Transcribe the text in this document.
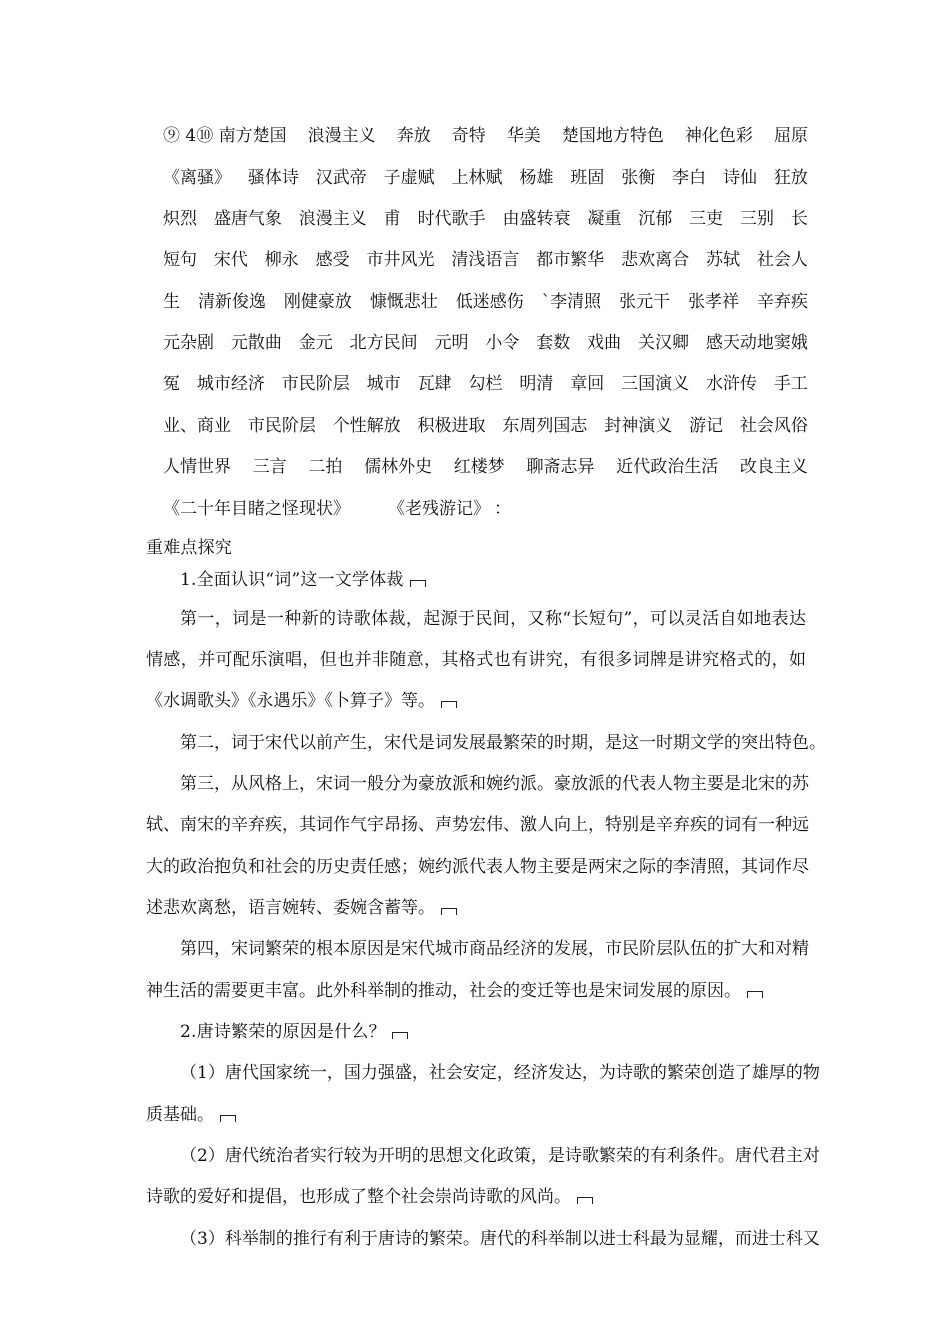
⑨ 4⑩ 南方楚国 浪漫主义 奔放 奇特 华美 楚国地方特色 神化色彩 屈原
《离骚》 骚体诗 汉武帝 子虚赋 上林赋 杨雄 班固 张衡 李白 诗仙 狂放
炽烈 盛唐气象 浪漫主义 甫 时代歌手 由盛转衰 凝重 沉郁 三吏 三别 长
短句 宋代 柳永 感受 市井风光 清浅语言 都市繁华 悲欢离合 苏轼 社会人
生 清新俊逸 刚健豪放 慷慨悲壮 低迷感伤 `李清照 张元干 张孝祥 辛弃疾
元杂剧 元散曲 金元 北方民间 元明 小令 套数 戏曲 关汉卿 感天动地窦娥
冤 城市经济 市民阶层 城市 瓦肆 勾栏 明清 章回 三国演义 水浒传 手工
业、商业 市民阶层 个性解放 积极进取 东周列国志 封神演义 游记 社会风俗
人情世界 三言 二拍 儒林外史 红楼梦 聊斋志异 近代政治生活 改良主义
《二十年目睹之怪现状》 《老残游记》 ：
重难点探究
1.全面认识“词”这一文学体裁
第一，词是一种新的诗歌体裁，起源于民间，又称“长短句”，可以灵活自如地表达
情感，并可配乐演唱，但也并非随意，其格式也有讲究，有很多词牌是讲究格式的，如
《水调歌头》《永遇乐》《卜算子》等。
第二，词于宋代以前产生，宋代是词发展最繁荣的时期，是这一时期文学的突出特色。
第三，从风格上，宋词一般分为豪放派和婉约派。豪放派的代表人物主要是北宋的苏
轼、南宋的辛弃疾，其词作气宇昂扬、声势宏伟、激人向上，特别是辛弃疾的词有一种远
大的政治抱负和社会的历史责任感；婉约派代表人物主要是两宋之际的李清照，其词作尽
述悲欢离愁，语言婉转、委婉含蓄等。
第四，宋词繁荣的根本原因是宋代城市商品经济的发展，市民阶层队伍的扩大和对精
神生活的需要更丰富。此外科举制的推动，社会的变迁等也是宋词发展的原因。
2.唐诗繁荣的原因是什么？
（1）唐代国家统一，国力强盛，社会安定，经济发达，为诗歌的繁荣创造了雄厚的物
质基础。
（2）唐代统治者实行较为开明的思想文化政策，是诗歌繁荣的有利条件。唐代君主对
诗歌的爱好和提倡，也形成了整个社会崇尚诗歌的风尚。
（3）科举制的推行有利于唐诗的繁荣。唐代的科举制以进士科最为显耀，而进士科又
